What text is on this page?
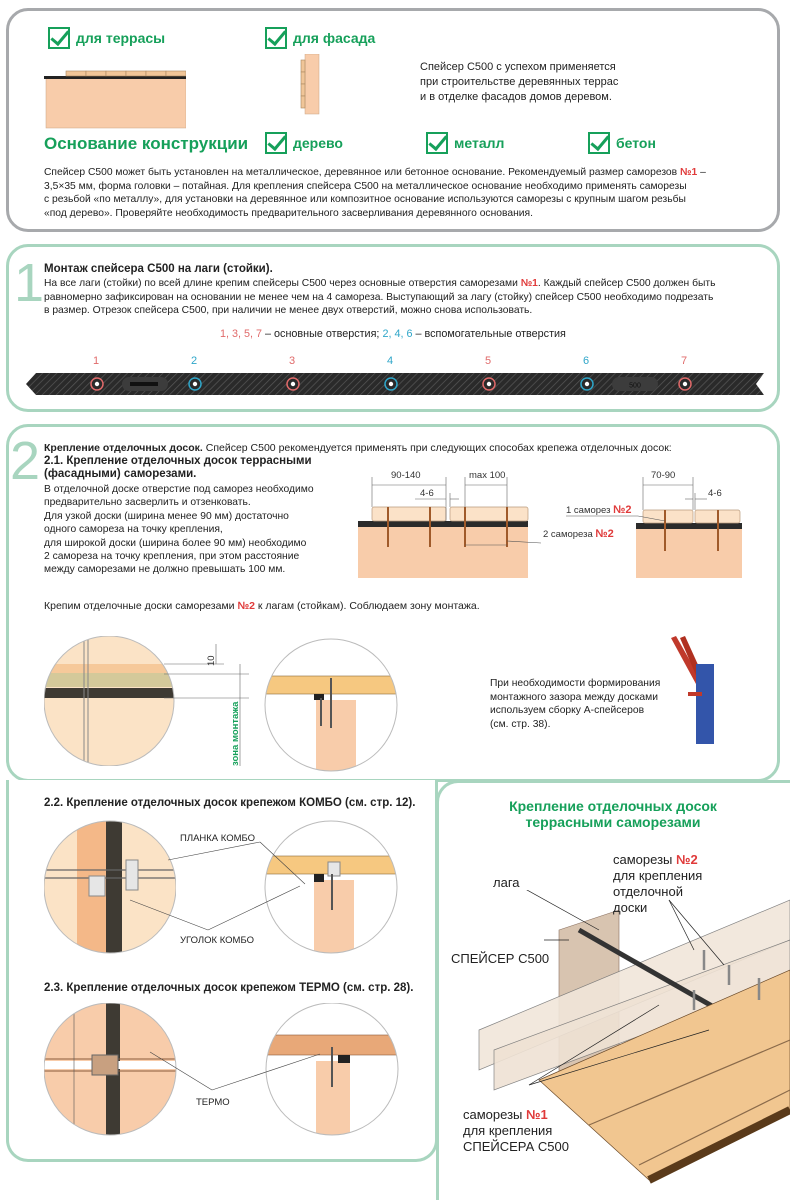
для террасы	для фасада
Спейсер С500 с успехом применяется
при строительстве деревянных террас
и в отделке фасадов домов деревом.
Основание конструкции	дерево	металл	бетон
Спейсер С500 может быть установлен на металлическое, деревянное или бетонное основание. Рекомендуемый размер саморезов №1 –
3,5×35 мм, форма головки – потайная. Для крепления спейсера С500 на металлическое основание необходимо применять саморезы
с резьбой «по металлу», для установки на деревянное или композитное основание используются саморезы с крупным шагом резьбы
«под дерево». Проверяйте необходимость предварительного засверливания деревянного основания.
1 Монтаж спейсера С500 на лаги (стойки).
На все лаги (стойки) по всей длине крепим спейсеры С500 через основные отверстия саморезами №1. Каждый спейсер С500 должен быть
равномерно зафиксирован на основании не менее чем на 4 самореза. Выступающий за лагу (стойку) спейсер С500 необходимо подрезать
в размер. Отрезок спейсера С500, при наличии не менее двух отверстий, можно снова использовать.
1, 3, 5, 7 – основные отверстия; 2, 4, 6 – вспомогательные отверстия
1	2	3	4	5	6	7
500
2 Крепление отделочных досок. Спейсер С500 рекомендуется применять при следующих способах крепежа отделочных досок:
2.1. Крепление отделочных досок террасными
(фасадными) саморезами.
В отделочной доске отверстие под саморез необходимо
предварительно засверлить и отзенковать.
Для узкой доски (ширина менее 90 мм) достаточно
одного самореза на точку крепления,
для широкой доски (ширина более 90 мм) необходимо
2 самореза на точку крепления, при этом расстояние
между саморезами не должно превышать 100 мм.
90-140	max 100
4-6
70-90
4-6
1 саморез №2
2 самореза №2
Крепим отделочные доски саморезами №2 к лагам (стойкам). Соблюдаем зону монтажа.
10
зона монтажа
При необходимости формирования
монтажного зазора между досками
используем сборку А-спейсеров
(см. стр. 38).
2.2. Крепление отделочных досок крепежом КОМБО (см. стр. 12).
ПЛАНКА КОМБО
УГОЛОК КОМБО
2.3. Крепление отделочных досок крепежом ТЕРМО (см. стр. 28).
ТЕРМО
Крепление отделочных досок
террасными саморезами
саморезы №2
для крепления
отделочной
доски
лага
СПЕЙСЕР С500
саморезы №1
для крепления
СПЕЙСЕРА С500
